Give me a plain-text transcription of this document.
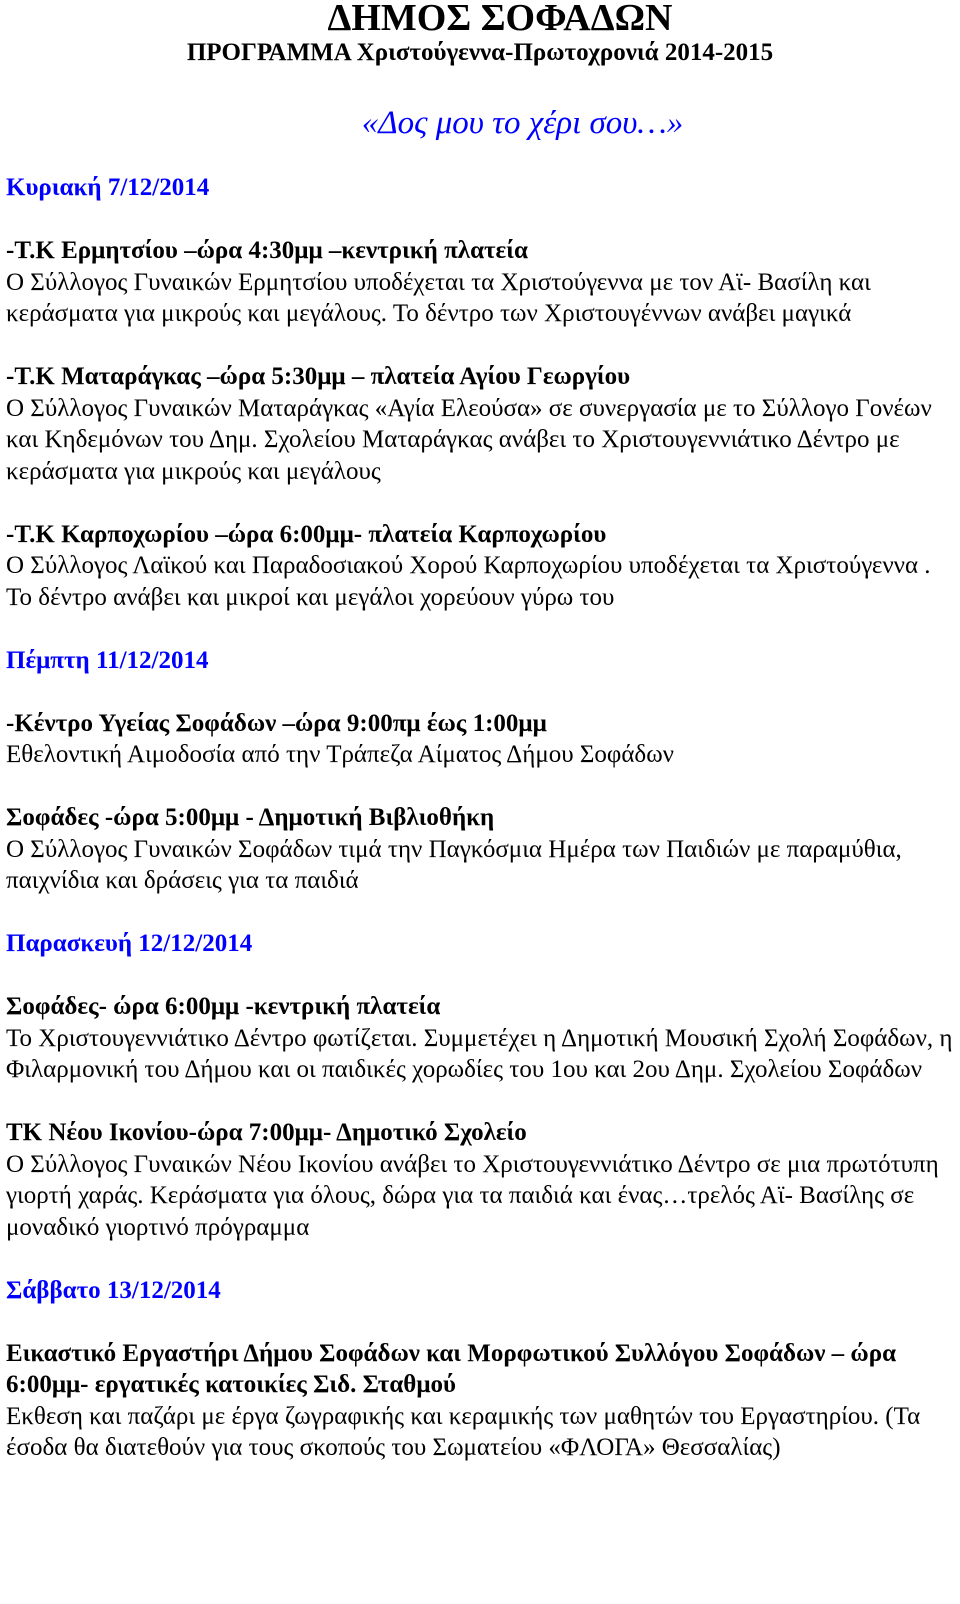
ΔΗΜΟΣ ΣΟΦΑΔΩΝ
ΠΡΟΓΡΑΜΜΑ Χριστούγεννα-Πρωτοχρονιά 2014-2015
«Δος μου το χέρι σου…»

Κυριακή 7/12/2014

-Τ.Κ Ερμητσίου –ώρα 4:30μμ –κεντρική πλατεία

Ο Σύλλογος Γυναικών Ερμητσίου υποδέχεται τα Χριστούγεννα με τον Αϊ- Βασίλη και κεράσματα για μικρούς και μεγάλους. Το δέντρο των Χριστουγέννων ανάβει μαγικά

-Τ.Κ Ματαράγκας –ώρα 5:30μμ – πλατεία Αγίου Γεωργίου

Ο Σύλλογος Γυναικών Ματαράγκας «Αγία Ελεούσα» σε συνεργασία με το Σύλλογο Γονέων και Κηδεμόνων του Δημ. Σχολείου Ματαράγκας ανάβει το Χριστουγεννιάτικο Δέντρο με κεράσματα για μικρούς και μεγάλους

-Τ.Κ Καρποχωρίου –ώρα 6:00μμ- πλατεία Καρποχωρίου

Ο Σύλλογος Λαϊκού και Παραδοσιακού Χορού Καρποχωρίου υποδέχεται τα Χριστούγεννα . Το δέντρο ανάβει και μικροί και μεγάλοι χορεύουν γύρω του

Πέμπτη 11/12/2014

-Κέντρο Υγείας Σοφάδων –ώρα 9:00πμ έως 1:00μμ

Εθελοντική Αιμοδοσία από την Τράπεζα Αίματος Δήμου Σοφάδων

Σοφάδες -ώρα 5:00μμ - Δημοτική Βιβλιοθήκη

Ο Σύλλογος Γυναικών Σοφάδων τιμά την Παγκόσμια Ημέρα των Παιδιών με παραμύθια, παιχνίδια και δράσεις για τα παιδιά

Παρασκευή 12/12/2014

Σοφάδες- ώρα 6:00μμ -κεντρική πλατεία

Το Χριστουγεννιάτικο Δέντρο φωτίζεται. Συμμετέχει η Δημοτική Μουσική Σχολή Σοφάδων, η Φιλαρμονική του Δήμου και οι παιδικές χορωδίες του 1ου και 2ου Δημ. Σχολείου Σοφάδων

ΤΚ Νέου Ικονίου-ώρα 7:00μμ- Δημοτικό Σχολείο

Ο Σύλλογος Γυναικών Νέου Ικονίου ανάβει το Χριστουγεννιάτικο Δέντρο σε μια πρωτότυπη γιορτή χαράς. Κεράσματα για όλους, δώρα για τα παιδιά και ένας…τρελός Αϊ- Βασίλης σε μοναδικό γιορτινό πρόγραμμα

Σάββατο 13/12/2014

Εικαστικό Εργαστήρι Δήμου Σοφάδων και Μορφωτικού Συλλόγου Σοφάδων – ώρα 6:00μμ- εργατικές κατοικίες Σιδ. Σταθμού

Εκθεση και παζάρι με έργα ζωγραφικής και κεραμικής των μαθητών του Εργαστηρίου. (Τα έσοδα θα διατεθούν για τους σκοπούς του Σωματείου «ΦΛΟΓΑ» Θεσσαλίας)
